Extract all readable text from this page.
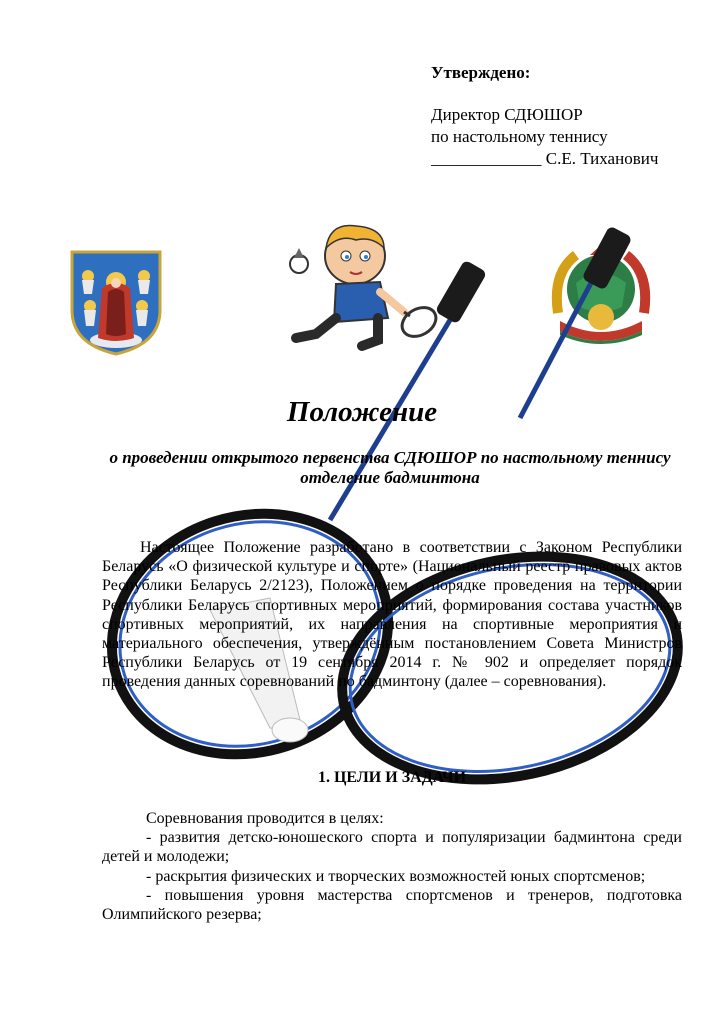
Утверждено:
Директор СДЮШОР
по настольному теннису
_____________ С.Е. Тиханович
Положение
о проведении открытого первенства СДЮШОР по настольному теннису
отделение бадминтона
Настоящее Положение разработано в соответствии с Законом Республики Беларусь «О физической культуре и спорте» (Национальный реестр правовых актов Республики Беларусь 2/2123), Положением о порядке проведения на территории Республики Беларусь спортивных мероприятий, формирования состава участников спортивных мероприятий, их направления на спортивные мероприятия и материального обеспечения, утверждённым постановлением Совета Министров Республики Беларусь от 19 сентября 2014 г. № 902 и определяет порядок проведения данных соревнований по бадминтону (далее – соревнования).
1. ЦЕЛИ И ЗАДАЧИ

Соревнования проводится в целях:

- развития детско-юношеского спорта и популяризации бадминтона среди детей и молодежи;

- раскрытия физических и творческих возможностей юных спортсменов;

- повышения уровня мастерства спортсменов и тренеров, подготовка Олимпийского резерва;
